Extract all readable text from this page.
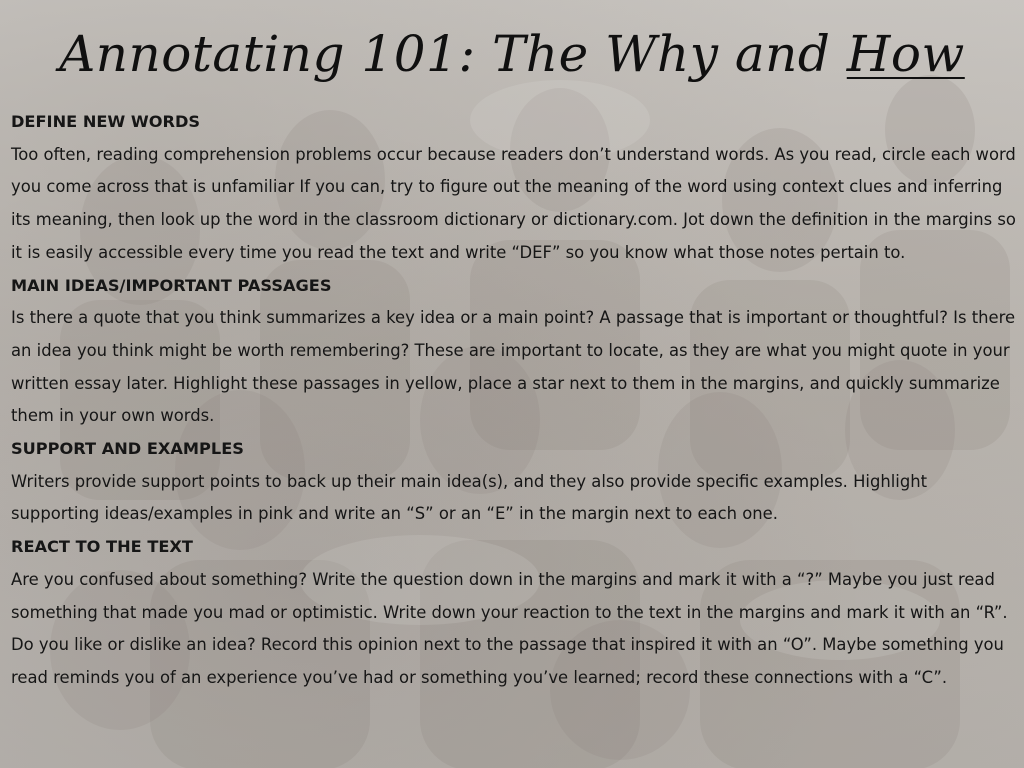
Annotating 101: The Why and How

DEFINE NEW WORDS

Too often, reading comprehension problems occur because readers don’t understand words. As you read, circle each word you come across that is unfamiliar If you can, try to figure out the meaning of the word using context clues and inferring its meaning, then look up the word in the classroom dictionary or dictionary.com. Jot down the definition in the margins so it is easily accessible every time you read the text and write “DEF” so you know what those notes pertain to.

MAIN IDEAS/IMPORTANT PASSAGES

Is there a quote that you think summarizes a key idea or a main point? A passage that is important or thoughtful? Is there an idea you think might be worth remembering? These are important to locate, as they are what you might quote in your written essay later. Highlight these passages in yellow, place a star next to them in the margins, and quickly summarize them in your own words.

SUPPORT AND EXAMPLES

Writers provide support points to back up their main idea(s), and they also provide specific examples. Highlight supporting ideas/examples in pink and write an “S” or an “E” in the margin next to each one.

REACT TO THE TEXT

Are you confused about something? Write the question down in the margins and mark it with a “?” Maybe you just read something that made you mad or optimistic. Write down your reaction to the text in the margins and mark it with an “R”. Do you like or dislike an idea? Record this opinion next to the passage that inspired it with an “O”. Maybe something you read reminds you of an experience you’ve had or something you’ve learned; record these connections with a “C”.
